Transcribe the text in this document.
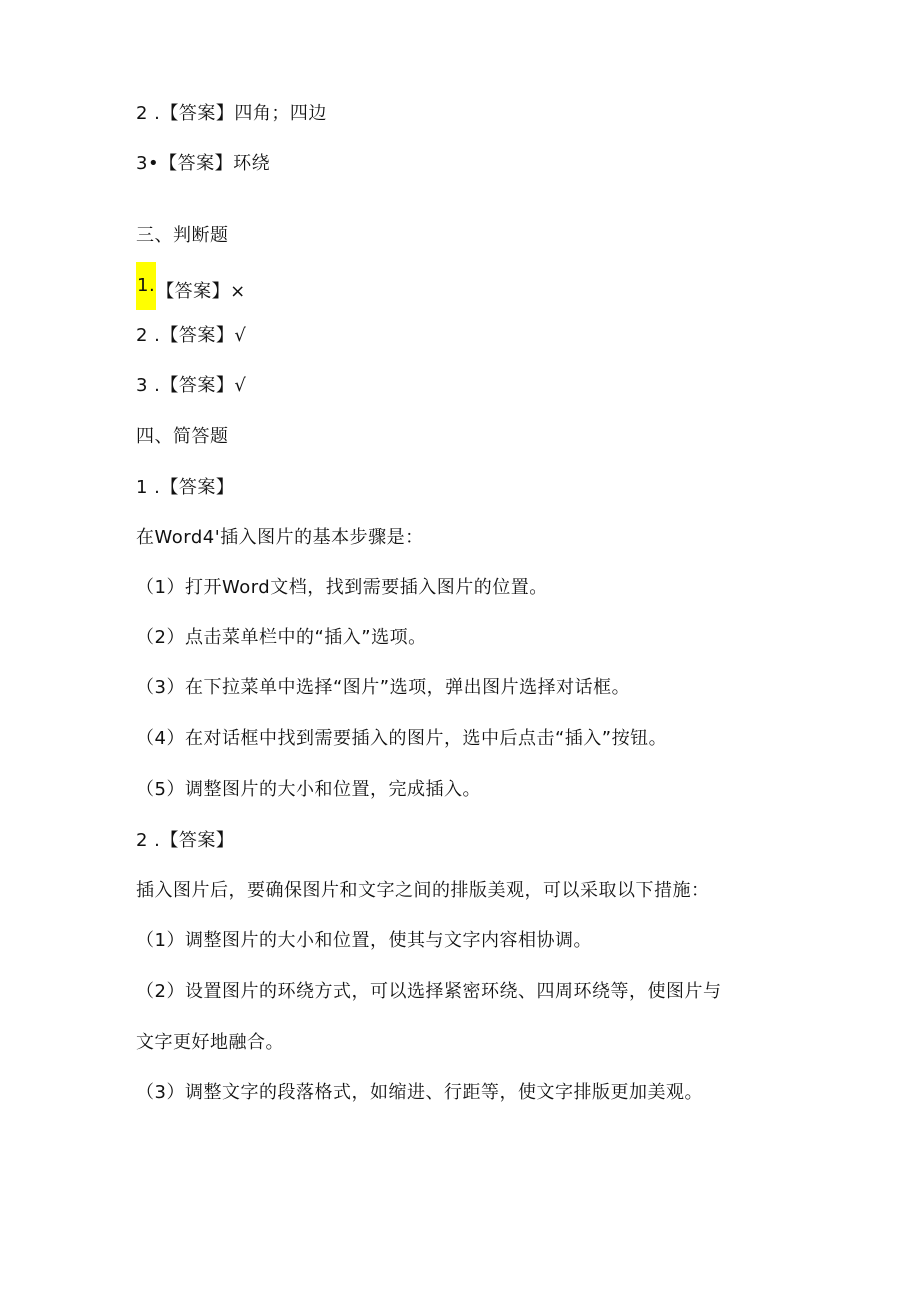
2 .【答案】四角；四边
3•【答案】环绕
三、判断题
1.【答案】×
2 .【答案】√
3 .【答案】√
四、简答题
1 .【答案】
在Word4'插入图片的基本步骤是：
（1）打开Word文档，找到需要插入图片的位置。
（2）点击菜单栏中的“插入”选项。
（3）在下拉菜单中选择“图片”选项，弹出图片选择对话框。
（4）在对话框中找到需要插入的图片，选中后点击“插入”按钮。
（5）调整图片的大小和位置，完成插入。
2 .【答案】
插入图片后，要确保图片和文字之间的排版美观，可以采取以下措施：
（1）调整图片的大小和位置，使其与文字内容相协调。
（2）设置图片的环绕方式，可以选择紧密环绕、四周环绕等，使图片与
文字更好地融合。
（3）调整文字的段落格式，如缩进、行距等，使文字排版更加美观。
